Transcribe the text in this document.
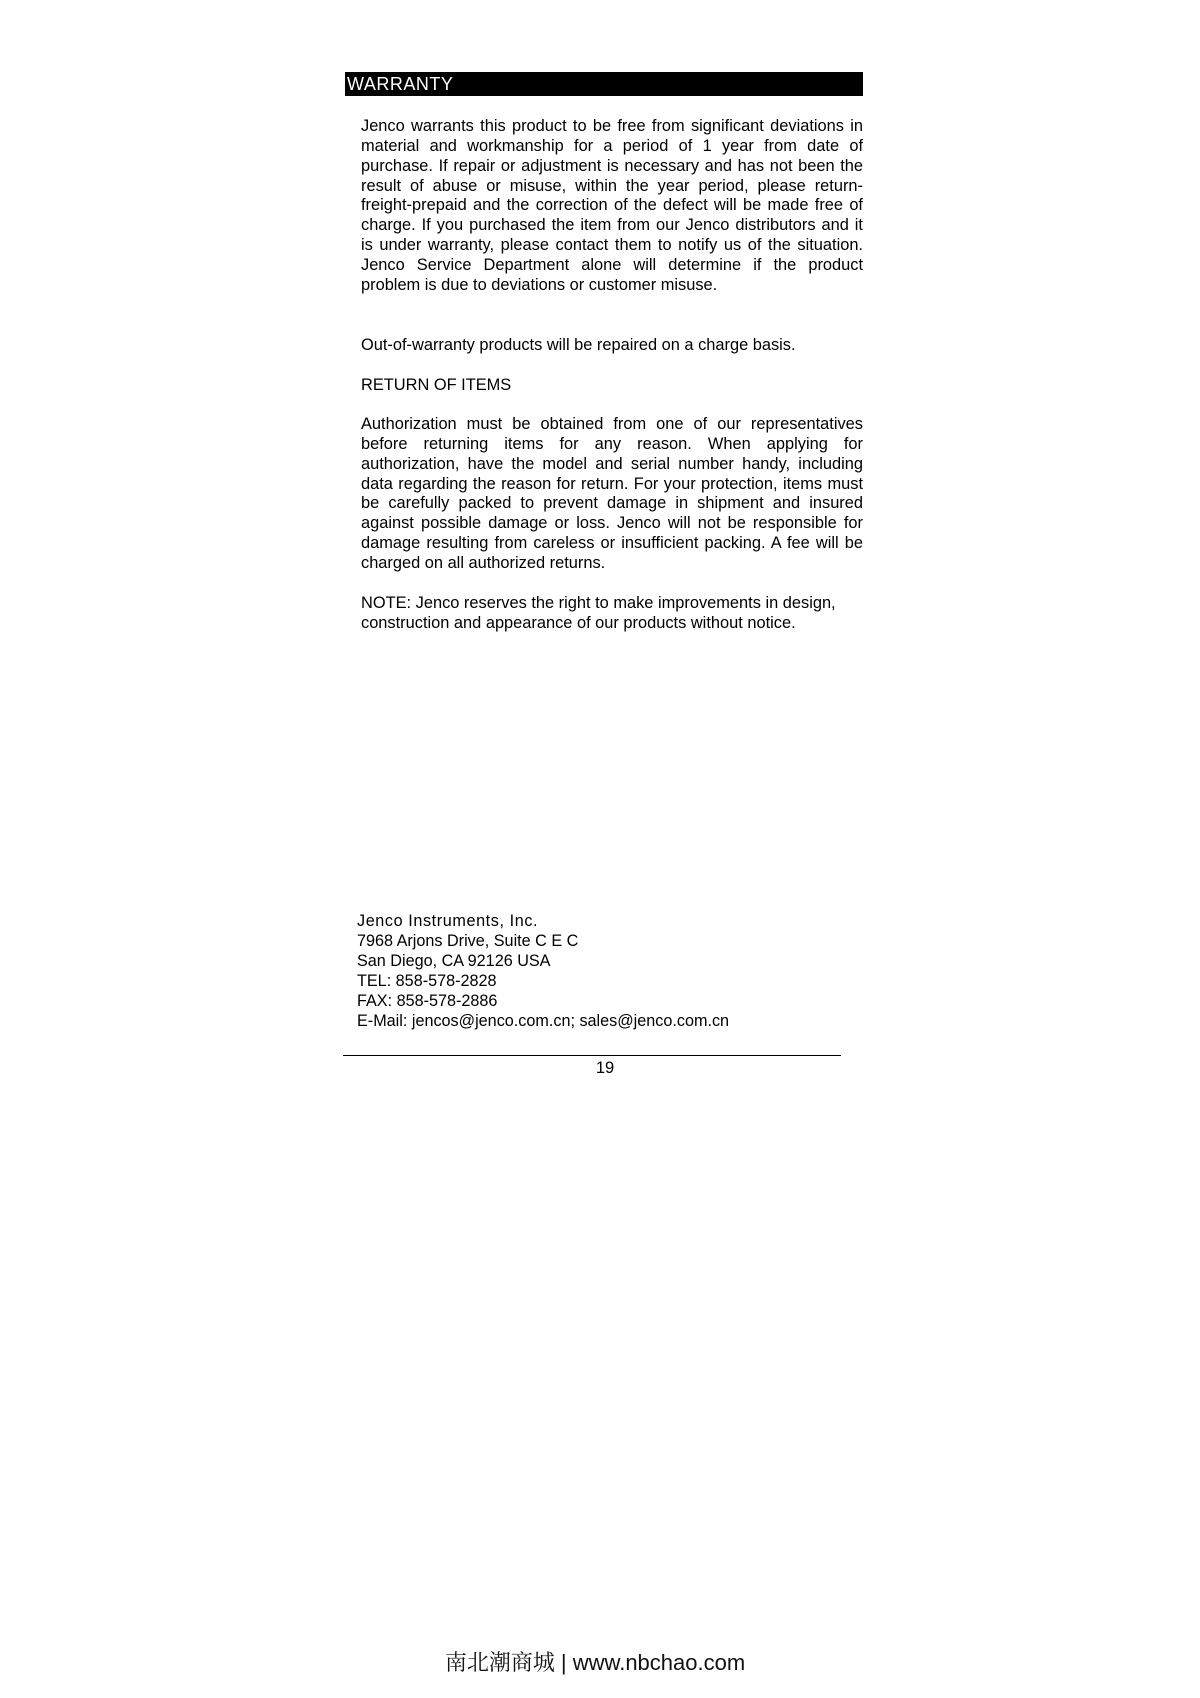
WARRANTY

Jenco warrants this product to be free from significant deviations in material and workmanship for a period of 1 year from date of purchase. If repair or adjustment is necessary and has not been the result of abuse or misuse, within the year period, please return-freight-prepaid and the correction of the defect will be made free of charge. If you purchased the item from our Jenco distributors and it is under warranty, please contact them to notify us of the situation. Jenco Service Department alone will determine if the product problem is due to deviations or customer misuse.

Out-of-warranty products will be repaired on a charge basis.

RETURN OF ITEMS

Authorization must be obtained from one of our representatives before returning items for any reason. When applying for authorization, have the model and serial number handy, including data regarding the reason for return. For your protection, items must be carefully packed to prevent damage in shipment and insured against possible damage or loss. Jenco will not be responsible for damage resulting from careless or insufficient packing. A fee will be charged on all authorized returns.

NOTE: Jenco reserves the right to make improvements in design, construction and appearance of our products without notice.

Jenco Instruments, Inc.
7968 Arjons Drive, Suite C E C
San Diego, CA 92126 USA
TEL: 858-578-2828
FAX: 858-578-2886
E-Mail: jencos@jenco.com.cn; sales@jenco.com.cn
19
南北潮商城 | www.nbchao.com
